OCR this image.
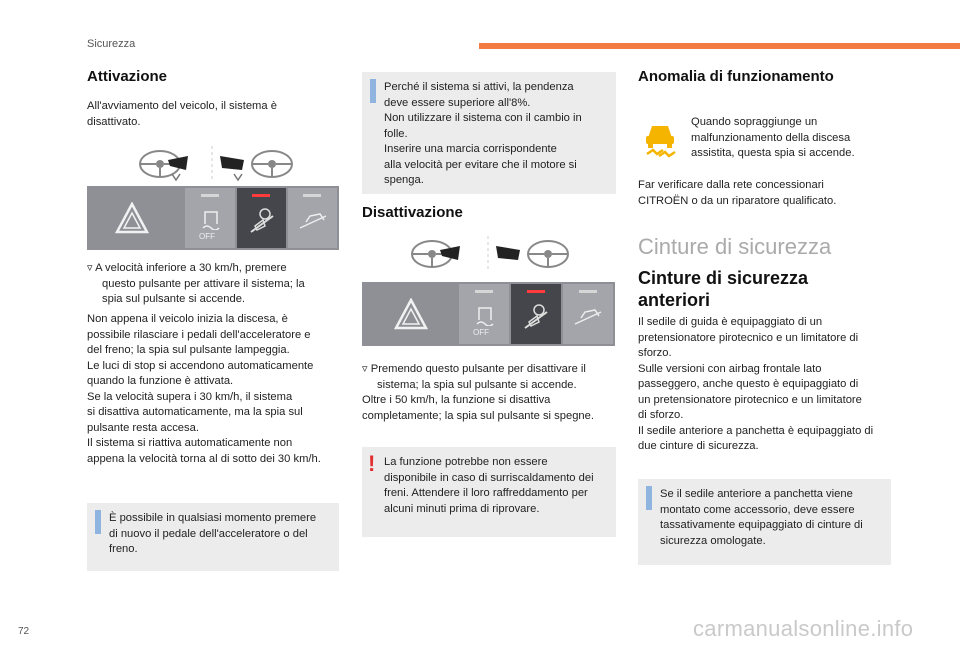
Sicurezza
Attivazione
All'avviamento del veicolo, il sistema è
disattivato.
OFF
▿ A velocità inferiore a 30 km/h, premere
questo pulsante per attivare il sistema; la
spia sul pulsante si accende.
Non appena il veicolo inizia la discesa, è
possibile rilasciare i pedali dell'acceleratore e
del freno; la spia sul pulsante lampeggia.
Le luci di stop si accendono automaticamente
quando la funzione è attivata.
Se la velocità supera i 30 km/h, il sistema
si disattiva automaticamente, ma la spia sul
pulsante resta accesa.
Il sistema si riattiva automaticamente non
appena la velocità torna al di sotto dei 30 km/h.
È possibile in qualsiasi momento premere
di nuovo il pedale dell'acceleratore o del
freno.
Perché il sistema si attivi, la pendenza
deve essere superiore all'8%.
Non utilizzare il sistema con il cambio in
folle.
Inserire una marcia corrispondente
alla velocità per evitare che il motore si
spenga.
Disattivazione
OFF
▿ Premendo questo pulsante per disattivare il
sistema; la spia sul pulsante si accende.
Oltre i 50 km/h, la funzione si disattiva
completamente; la spia sul pulsante si spegne.
! La funzione potrebbe non essere
disponibile in caso di surriscaldamento dei
freni. Attendere il loro raffreddamento per
alcuni minuti prima di riprovare.
Anomalia di funzionamento
Quando sopraggiunge un
malfunzionamento della discesa
assistita, questa spia si accende.
Far verificare dalla rete concessionari
CITROËN o da un riparatore qualificato.
Cinture di sicurezza
Cinture di sicurezza
anteriori
Il sedile di guida è equipaggiato di un
pretensionatore pirotecnico e un limitatore di
sforzo.
Sulle versioni con airbag frontale lato
passeggero, anche questo è equipaggiato di
un pretensionatore pirotecnico e un limitatore
di sforzo.
Il sedile anteriore a panchetta è equipaggiato di
due cinture di sicurezza.
Se il sedile anteriore a panchetta viene
montato come accessorio, deve essere
tassativamente equipaggiato di cinture di
sicurezza omologate.
72	carmanualsonline.info
